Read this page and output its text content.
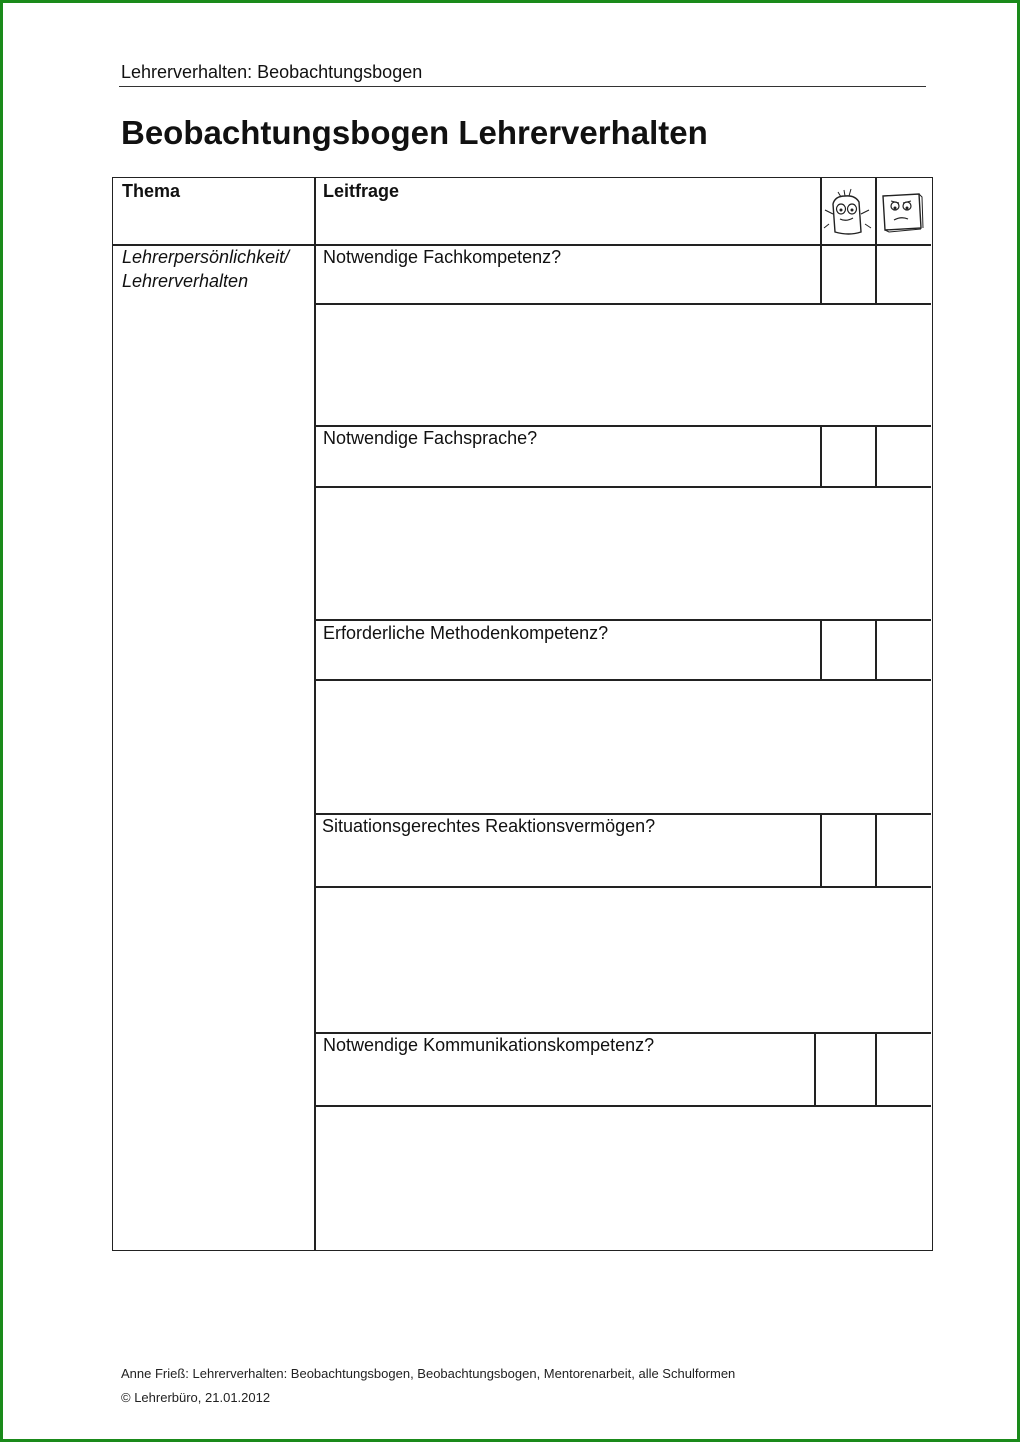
Lehrerverhalten: Beobachtungsbogen
Beobachtungsbogen Lehrerverhalten
Thema	Leitfrage
Lehrerpersönlichkeit/
Lehrerverhalten
Notwendige Fachkompetenz?
Notwendige Fachsprache?
Erforderliche Methodenkompetenz?
Situationsgerechtes Reaktionsvermögen?
Notwendige Kommunikationskompetenz?
Anne Frieß: Lehrerverhalten: Beobachtungsbogen, Beobachtungsbogen, Mentorenarbeit, alle Schulformen
© Lehrerbüro, 21.01.2012
